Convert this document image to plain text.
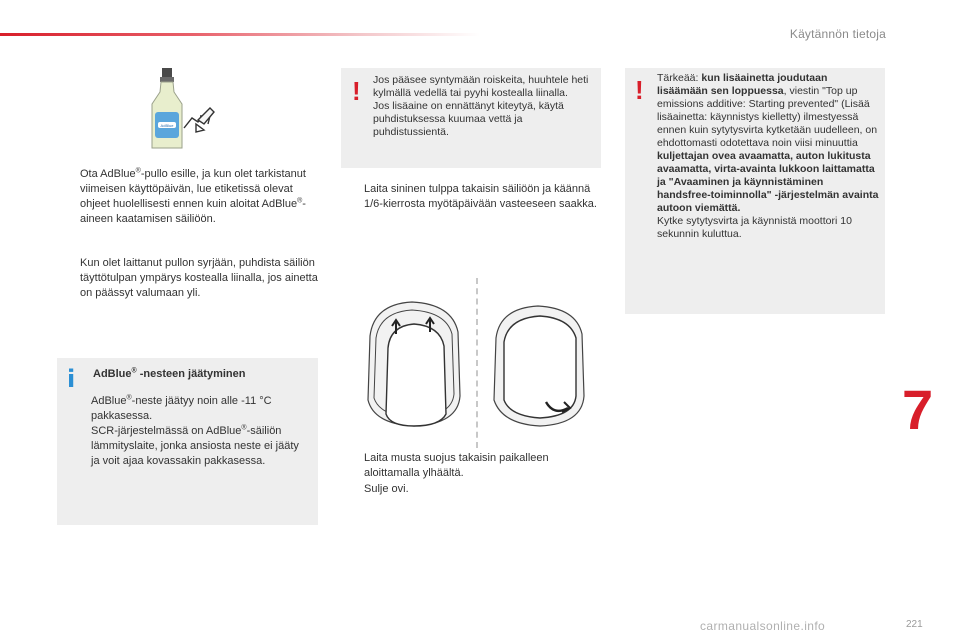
Käytännön tietoja
7
221
carmanualsonline.info
AdBlue
Ota AdBlue®-pullo esille, ja kun olet tarkistanut viimeisen käyttöpäivän, lue etiketissä olevat ohjeet huolellisesti ennen kuin aloitat AdBlue®-aineen kaatamisen säiliöön.
Kun olet laittanut pullon syrjään, puhdista säiliön täyttötulpan ympärys kostealla liinalla, jos ainetta on päässyt valumaan yli.
i AdBlue® -nesteen jäätyminen
AdBlue®-neste jäätyy noin alle -11 °C pakkasessa.
SCR-järjestelmässä on AdBlue®-säiliön lämmityslaite, jonka ansiosta neste ei jääty ja voit ajaa kovassakin pakkasessa.
! Jos pääsee syntymään roiskeita, huuhtele heti kylmällä vedellä tai pyyhi kostealla liinalla.
Jos lisäaine on ennättänyt kiteytyä, käytä puhdistuksessa kuumaa vettä ja puhdistussientä.
Laita sininen tulppa takaisin säiliöön ja käännä 1/6-kierrosta myötäpäivään vasteeseen saakka.
Laita musta suojus takaisin paikalleen aloittamalla ylhäältä.
Sulje ovi.
! Tärkeää: kun lisäainetta joudutaan lisäämään sen loppuessa, viestin "Top up emissions additive: Starting prevented" (Lisää lisäainetta: käynnistys kielletty) ilmestyessä ennen kuin sytytysvirta kytketään uudelleen, on ehdottomasti odotettava noin viisi minuuttia kuljettajan ovea avaamatta, auton lukitusta avaamatta, virta-avainta lukkoon laittamatta ja "Avaaminen ja käynnistäminen handsfree-toiminnolla" -järjestelmän avainta autoon viemättä.
Kytke sytytysvirta ja käynnistä moottori 10 sekunnin kuluttua.
